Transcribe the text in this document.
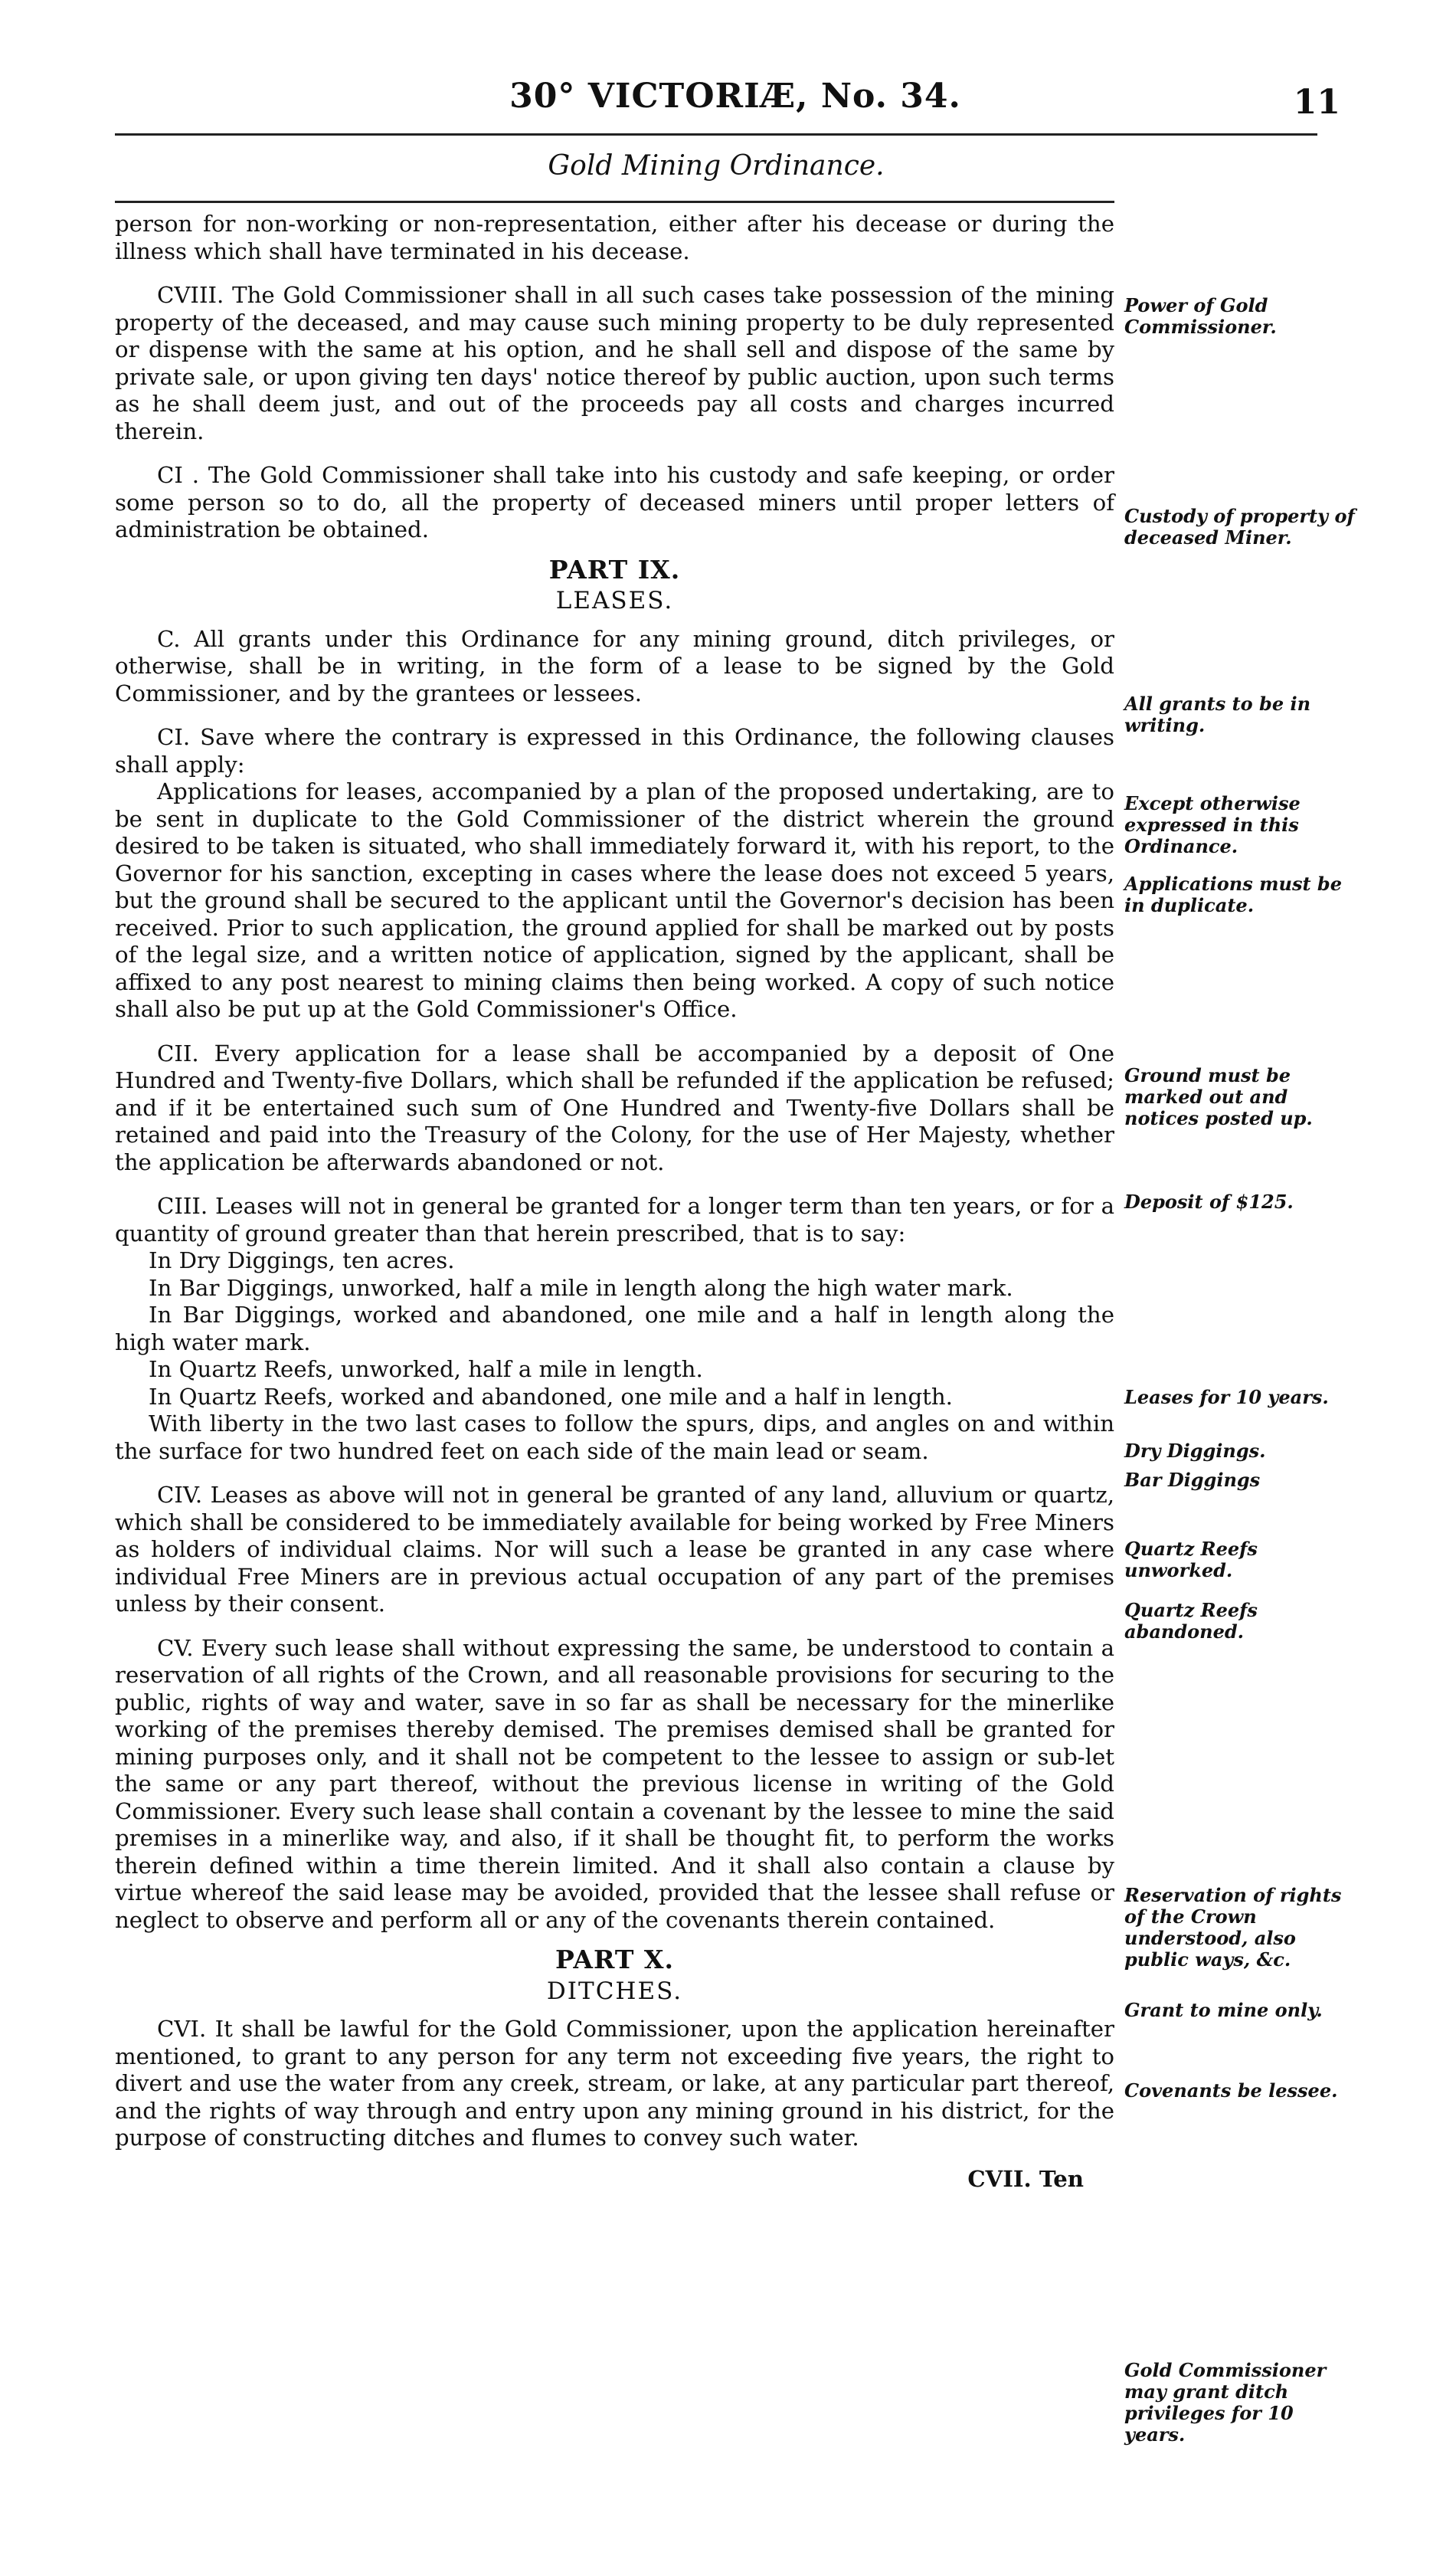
30° VICTORIÆ, No. 34.	11
Gold Mining Ordinance.

person for non-working or non-representation, either after his decease or during the illness which shall have terminated in his decease.

CVIII. The Gold Commissioner shall in all such cases take possession of the mining property of the deceased, and may cause such mining property to be duly represented or dispense with the same at his option, and he shall sell and dispose of the same by private sale, or upon giving ten days' notice thereof by public auction, upon such terms as he shall deem just, and out of the proceeds pay all costs and charges incurred therein.

CI . The Gold Commissioner shall take into his custody and safe keeping, or order some person so to do, all the property of deceased miners until proper letters of administration be obtained.

PART IX.

LEASES.

C. All grants under this Ordinance for any mining ground, ditch privileges, or otherwise, shall be in writing, in the form of a lease to be signed by the Gold Commissioner, and by the grantees or lessees.

CI. Save where the contrary is expressed in this Ordinance, the following clauses shall apply:

Applications for leases, accompanied by a plan of the proposed undertaking, are to be sent in duplicate to the Gold Commissioner of the district wherein the ground desired to be taken is situated, who shall immediately forward it, with his report, to the Governor for his sanction, excepting in cases where the lease does not exceed 5 years, but the ground shall be secured to the applicant until the Governor's decision has been received. Prior to such application, the ground applied for shall be marked out by posts of the legal size, and a written notice of application, signed by the applicant, shall be affixed to any post nearest to mining claims then being worked. A copy of such notice shall also be put up at the Gold Commissioner's Office.

CII. Every application for a lease shall be accompanied by a deposit of One Hundred and Twenty-five Dollars, which shall be refunded if the application be refused; and if it be entertained such sum of One Hundred and Twenty-five Dollars shall be retained and paid into the Treasury of the Colony, for the use of Her Majesty, whether the application be afterwards abandoned or not.

CIII. Leases will not in general be granted for a longer term than ten years, or for a quantity of ground greater than that herein prescribed, that is to say:

In Dry Diggings, ten acres.

In Bar Diggings, unworked, half a mile in length along the high water mark.

In Bar Diggings, worked and abandoned, one mile and a half in length along the high water mark.

In Quartz Reefs, unworked, half a mile in length.

In Quartz Reefs, worked and abandoned, one mile and a half in length.

With liberty in the two last cases to follow the spurs, dips, and angles on and within the surface for two hundred feet on each side of the main lead or seam.

CIV. Leases as above will not in general be granted of any land, alluvium or quartz, which shall be considered to be immediately available for being worked by Free Miners as holders of individual claims. Nor will such a lease be granted in any case where individual Free Miners are in previous actual occupation of any part of the premises unless by their consent.

CV. Every such lease shall without expressing the same, be understood to contain a reservation of all rights of the Crown, and all reasonable provisions for securing to the public, rights of way and water, save in so far as shall be necessary for the minerlike working of the premises thereby demised. The premises demised shall be granted for mining purposes only, and it shall not be competent to the lessee to assign or sub-let the same or any part thereof, without the previous license in writing of the Gold Commissioner. Every such lease shall contain a covenant by the lessee to mine the said premises in a minerlike way, and also, if it shall be thought fit, to perform the works therein defined within a time therein limited. And it shall also contain a clause by virtue whereof the said lease may be avoided, provided that the lessee shall refuse or neglect to observe and perform all or any of the covenants therein contained.

PART X.

DITCHES.

CVI. It shall be lawful for the Gold Commissioner, upon the application hereinafter mentioned, to grant to any person for any term not exceeding five years, the right to divert and use the water from any creek, stream, or lake, at any particular part thereof, and the rights of way through and entry upon any mining ground in his district, for the purpose of constructing ditches and flumes to convey such water.

CVII. Ten

Power of Gold Commissioner.
Custody of property of deceased Miner.
All grants to be in writing.
Except otherwise expressed in this Ordinance.
Applications must be in duplicate.
Ground must be marked out and notices posted up.
Deposit of $125.
Leases for 10 years.
Dry Diggings.
Bar Diggings
Quartz Reefs unworked.
Quartz Reefs abandoned.
Reservation of rights of the Crown understood, also public ways, &c.
Grant to mine only.
Covenants be lessee.
Gold Commissioner may grant ditch privileges for 10 years.
